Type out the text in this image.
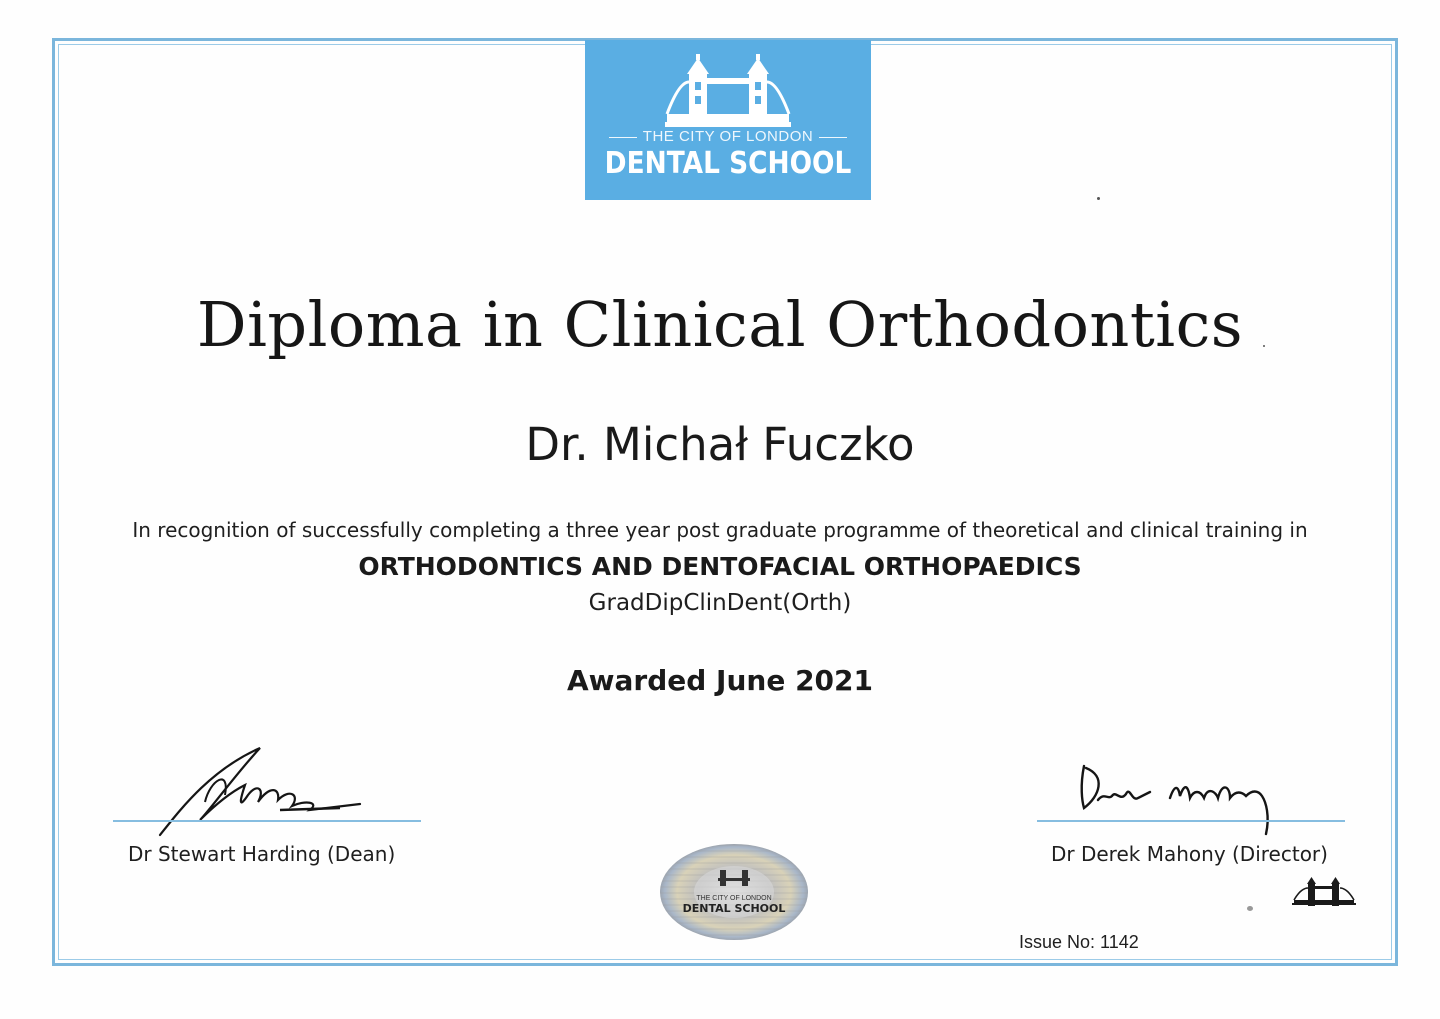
THE CITY OF LONDON
DENTAL SCHOOL
Diploma in Clinical Orthodontics
Dr. Michał Fuczko
In recognition of successfully completing a three year post graduate programme of theoretical and clinical training in
ORTHODONTICS AND DENTOFACIAL ORTHOPAEDICS
GradDipClinDent(Orth)
Awarded June 2021
Dr Stewart Harding (Dean)	Dr Derek Mahony (Director)
THE CITY OF LONDON
DENTAL SCHOOL
Issue No: 1142
